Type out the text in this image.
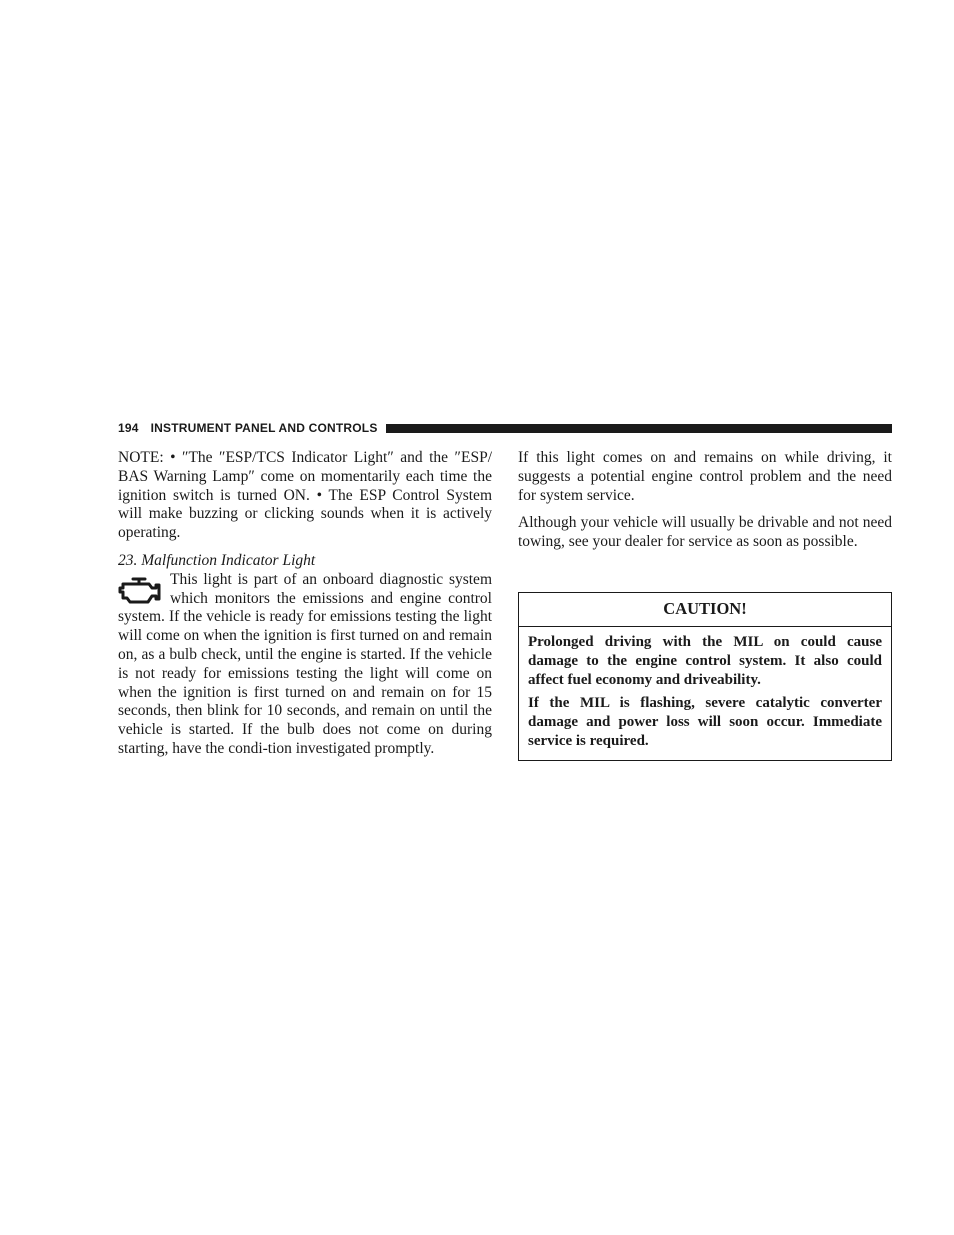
194 INSTRUMENT PANEL AND CONTROLS

NOTE: • ″The ″ESP/TCS Indicator Light″ and the ″ESP/ BAS Warning Lamp″ come on momentarily each time the ignition switch is turned ON. • The ESP Control System will make buzzing or clicking sounds when it is actively operating.

23. Malfunction Indicator Light

This light is part of an onboard diagnostic system which monitors the emissions and engine control system. If the vehicle is ready for emissions testing the light will come on when the ignition is first turned on and remain on, as a bulb check, until the engine is started. If the vehicle is not ready for emissions testing the light will come on when the ignition is first turned on and remain on for 15 seconds, then blink for 10 seconds, and remain on until the vehicle is started. If the bulb does not come on during starting, have the condi-tion investigated promptly.

If this light comes on and remains on while driving, it suggests a potential engine control problem and the need for system service.

Although your vehicle will usually be drivable and not need towing, see your dealer for service as soon as possible.

CAUTION!

Prolonged driving with the MIL on could cause damage to the engine control system. It also could affect fuel economy and driveability.

If the MIL is flashing, severe catalytic converter damage and power loss will soon occur. Immediate service is required.
